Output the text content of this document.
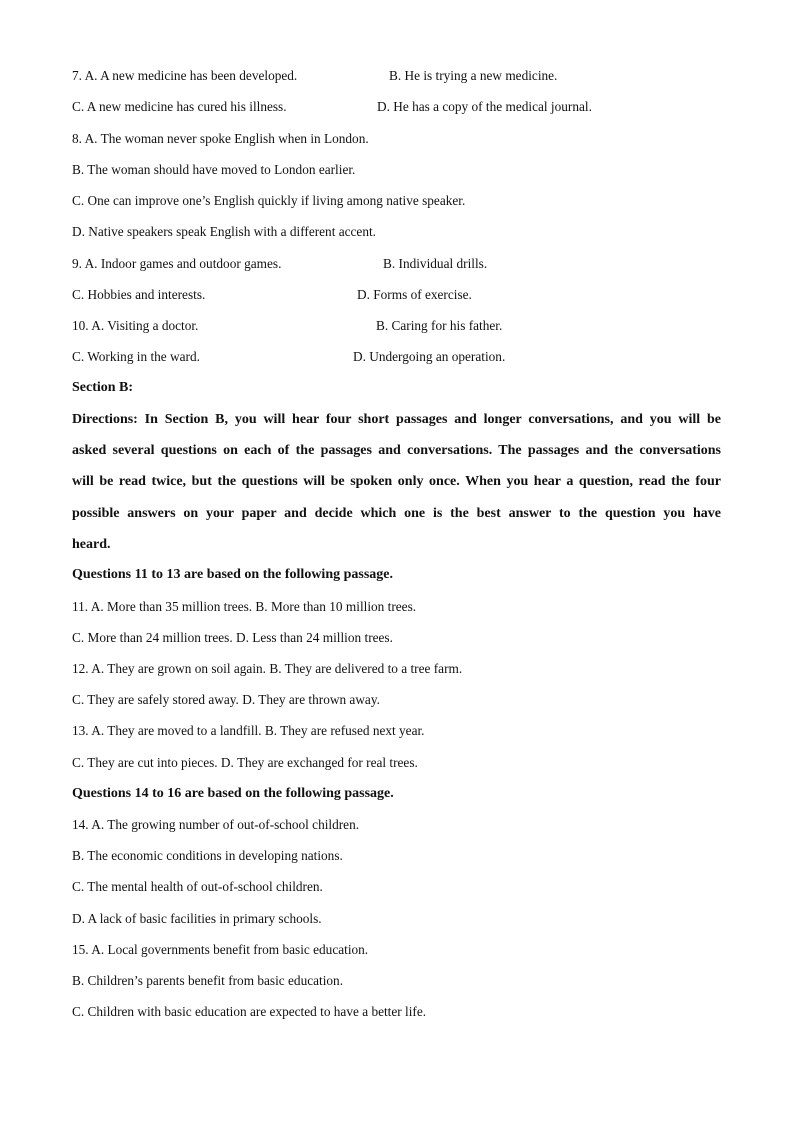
7. A. A new medicine has been developed.	B. He is trying a new medicine.
C. A new medicine has cured his illness.	D. He has a copy of the medical journal.
8. A. The woman never spoke English when in London.
B. The woman should have moved to London earlier.
C. One can improve one’s English quickly if living among native speaker.
D. Native speakers speak English with a different accent.
9. A. Indoor games and outdoor games.	B. Individual drills.
C. Hobbies and interests.	D. Forms of exercise.
10. A. Visiting a doctor.	B. Caring for his father.
C. Working in the ward.	D. Undergoing an operation.
Section B:
Directions: In Section B, you will hear four short passages and longer conversations, and you will be asked several questions on each of the passages and conversations. The passages and the conversations will be read twice, but the questions will be spoken only once. When you hear a question, read the four possible answers on your paper and decide which one is the best answer to the question you have heard.
Questions 11 to 13 are based on the following passage.
11. A. More than 35 million trees. B. More than 10 million trees.
C. More than 24 million trees. D. Less than 24 million trees.
12. A. They are grown on soil again. B. They are delivered to a tree farm.
C. They are safely stored away. D. They are thrown away.
13. A. They are moved to a landfill. B. They are refused next year.
C. They are cut into pieces. D. They are exchanged for real trees.
Questions 14 to 16 are based on the following passage.
14. A. The growing number of out-of-school children.
B. The economic conditions in developing nations.
C. The mental health of out-of-school children.
D. A lack of basic facilities in primary schools.
15. A. Local governments benefit from basic education.
B. Children’s parents benefit from basic education.
C. Children with basic education are expected to have a better life.
